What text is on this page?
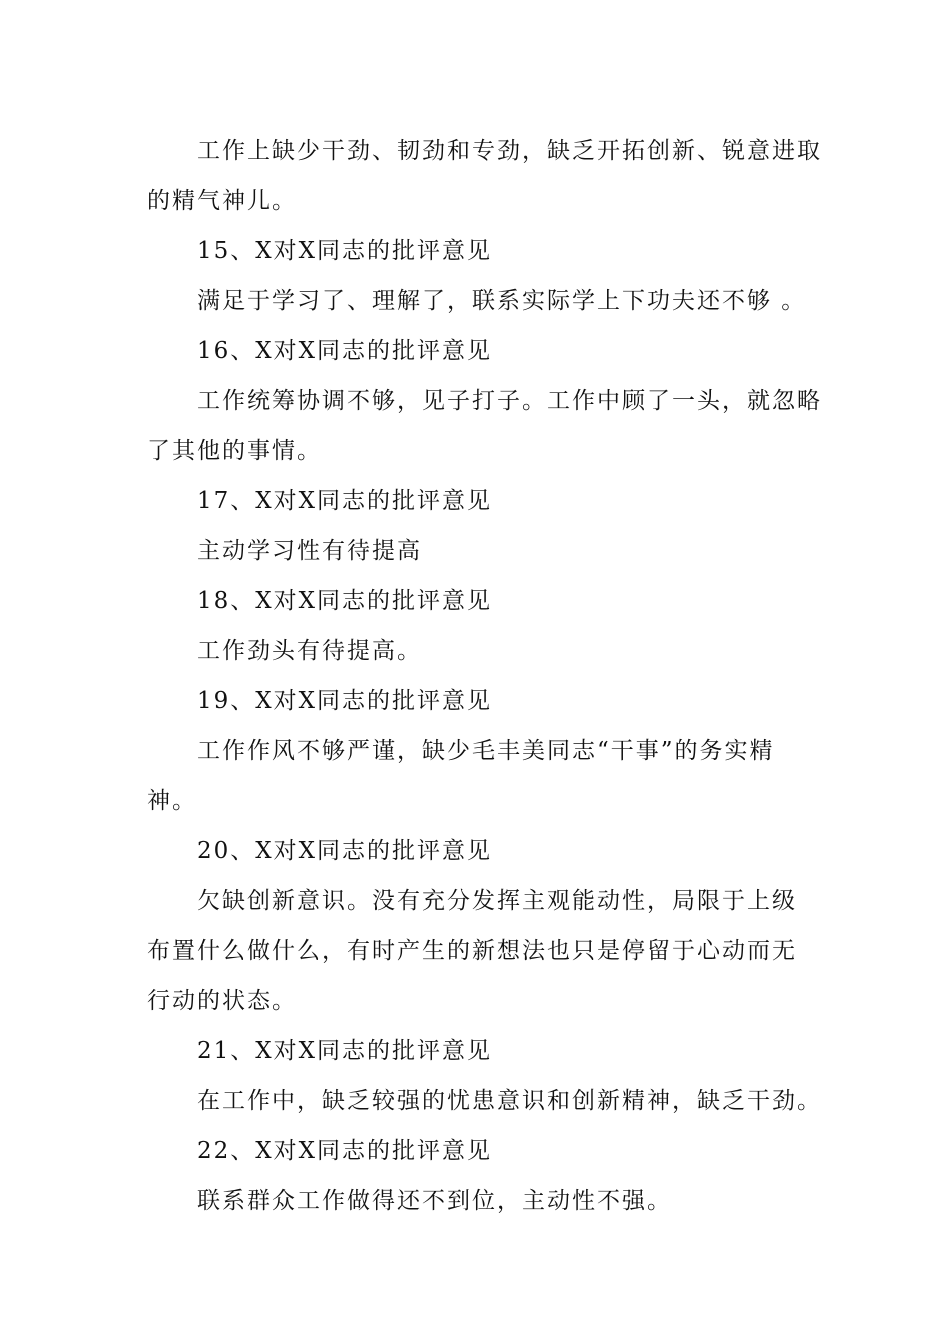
工作上缺少干劲、韧劲和专劲，缺乏开拓创新、锐意进取
的精气神儿。
15、X对X同志的批评意见
满足于学习了、理解了，联系实际学上下功夫还不够 。
16、X对X同志的批评意见
工作统筹协调不够，见子打子。工作中顾了一头，就忽略
了其他的事情。
17、X对X同志的批评意见
主动学习性有待提高
18、X对X同志的批评意见
工作劲头有待提高。
19、X对X同志的批评意见
工作作风不够严谨，缺少毛丰美同志“干事”的务实精
神。
20、X对X同志的批评意见
欠缺创新意识。没有充分发挥主观能动性，局限于上级
布置什么做什么，有时产生的新想法也只是停留于心动而无
行动的状态。
21、X对X同志的批评意见
在工作中，缺乏较强的忧患意识和创新精神，缺乏干劲。
22、X对X同志的批评意见
联系群众工作做得还不到位，主动性不强。
